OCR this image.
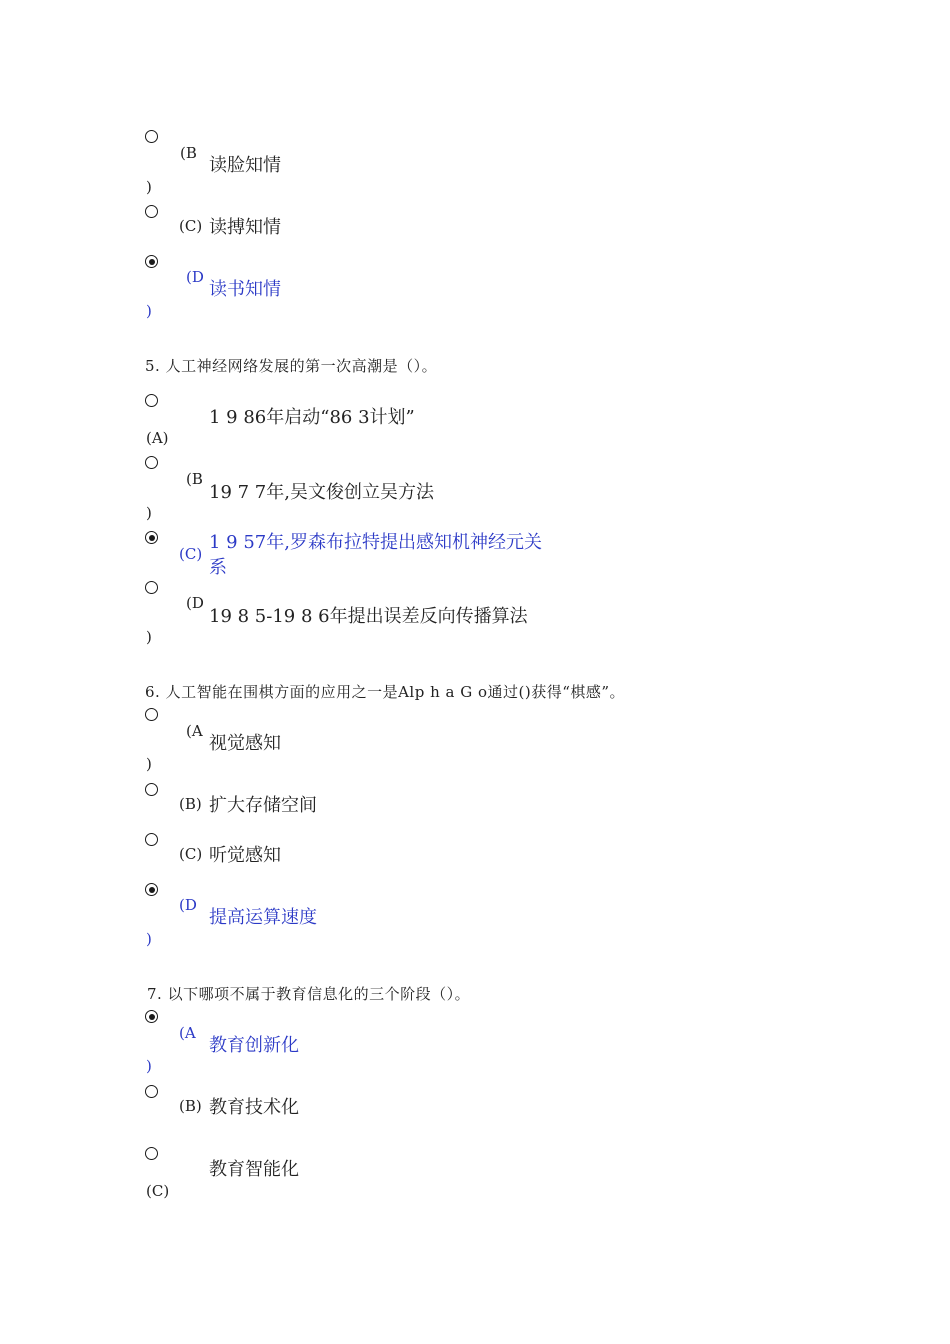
(B
读脸知情
)
(C) 读搏知情
(D
读书知情
)
5. 人工神经网络发展的第一次高潮是（）。
1 9 86年启动“86 3计划”
(A)
(B
19 7 7年,吴文俊创立吴方法
)
(C)
1 9 57年,罗森布拉特提出感知机神经元关
系
(D
19 8 5-19 8 6年提出误差反向传播算法
)
6. 人工智能在围棋方面的应用之一是Alp h a G o通过()获得“棋感”。
(A
视觉感知
)
(B) 扩大存储空间
(C) 听觉感知
(D
提高运算速度
)
7. 以下哪项不属于教育信息化的三个阶段（）。
(A
教育创新化
)
(B) 教育技术化
教育智能化
(C)
